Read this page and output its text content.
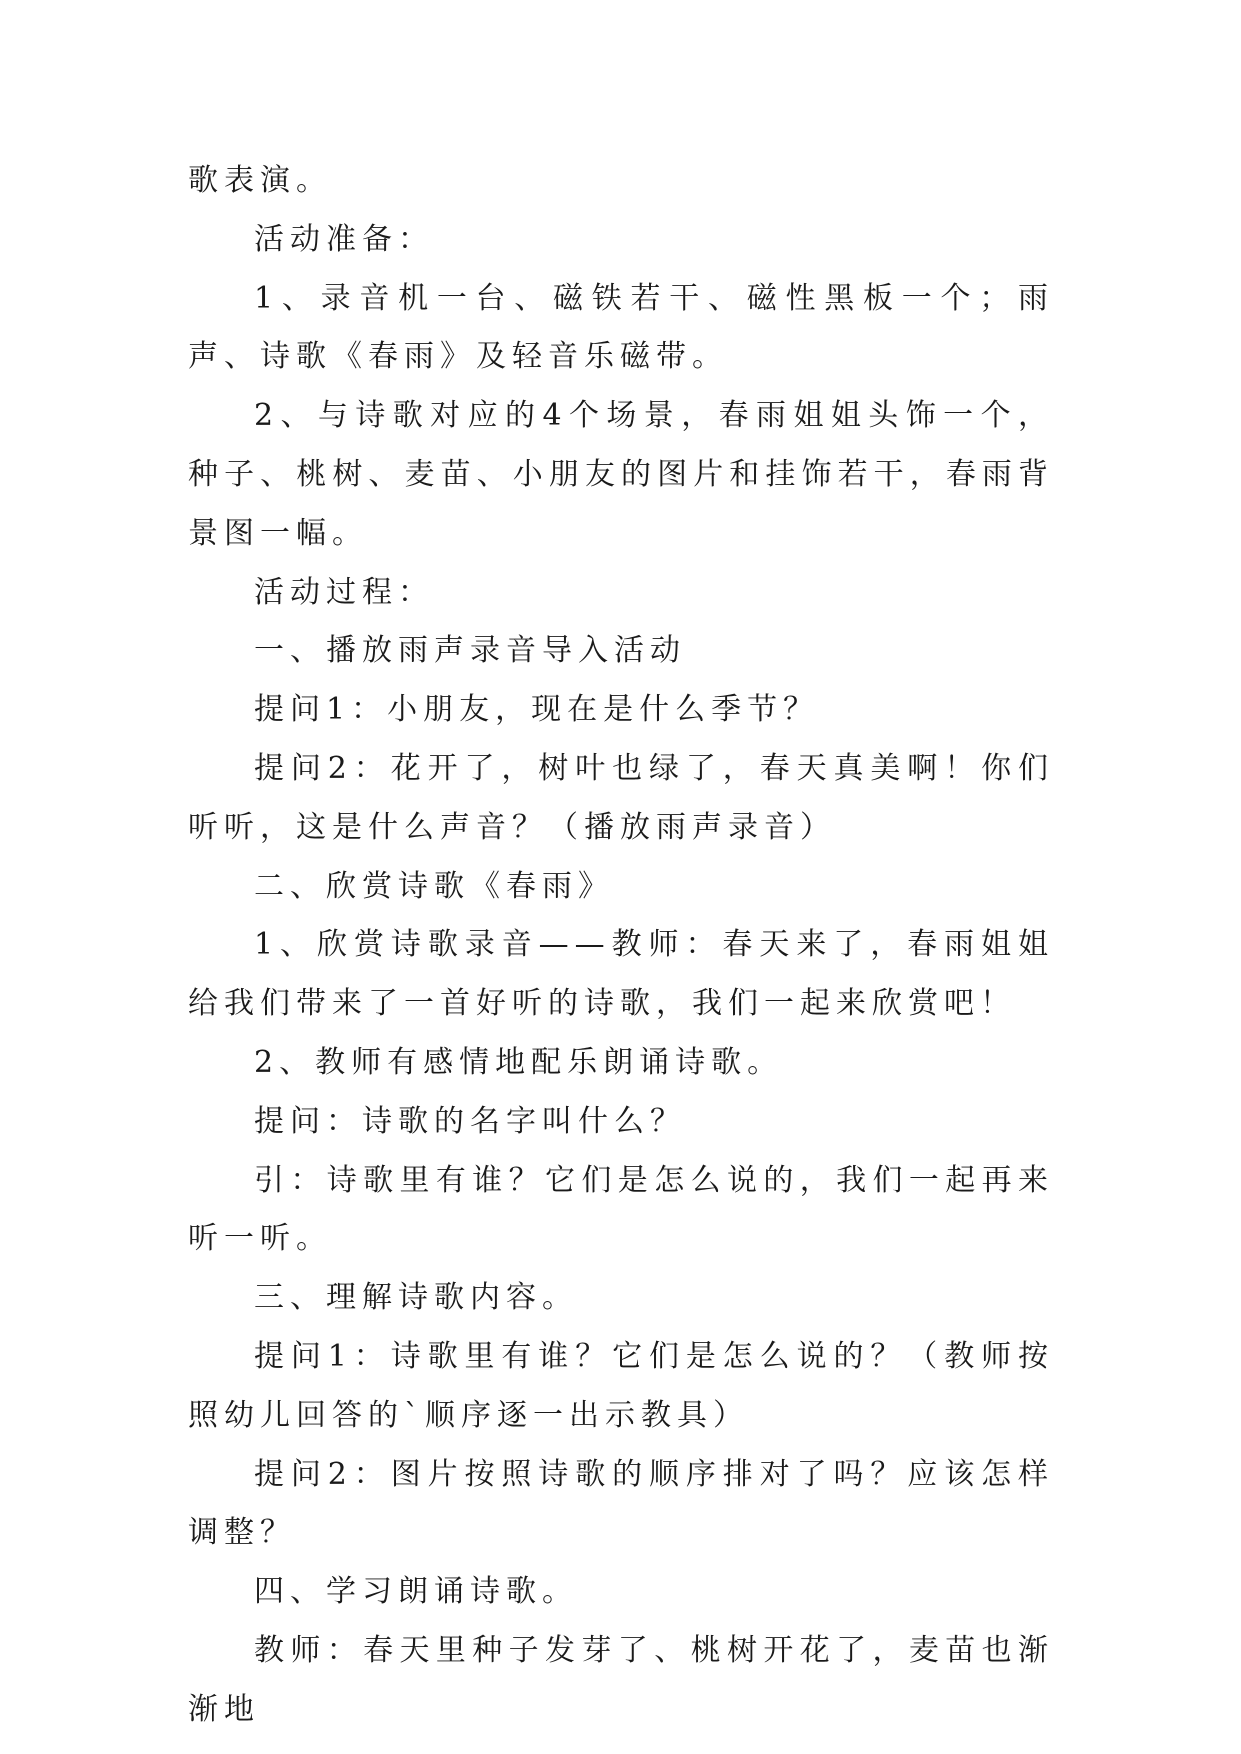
歌表演。

活动准备：

1、录音机一台、磁铁若干、磁性黑板一个；雨声、诗歌《春雨》及轻音乐磁带。

2、与诗歌对应的4个场景，春雨姐姐头饰一个，种子、桃树、麦苗、小朋友的图片和挂饰若干，春雨背景图一幅。

活动过程：

一、播放雨声录音导入活动

提问1：小朋友，现在是什么季节？

提问2：花开了，树叶也绿了，春天真美啊！你们听听，这是什么声音？（播放雨声录音）

二、欣赏诗歌《春雨》

1、欣赏诗歌录音——教师：春天来了，春雨姐姐给我们带来了一首好听的诗歌，我们一起来欣赏吧！

2、教师有感情地配乐朗诵诗歌。

提问：诗歌的名字叫什么？

引：诗歌里有谁？它们是怎么说的，我们一起再来听一听。

三、理解诗歌内容。

提问1：诗歌里有谁？它们是怎么说的？（教师按照幼儿回答的`顺序逐一出示教具）

提问2：图片按照诗歌的顺序排对了吗？应该怎样调整？

四、学习朗诵诗歌。

教师：春天里种子发芽了、桃树开花了，麦苗也渐渐地
